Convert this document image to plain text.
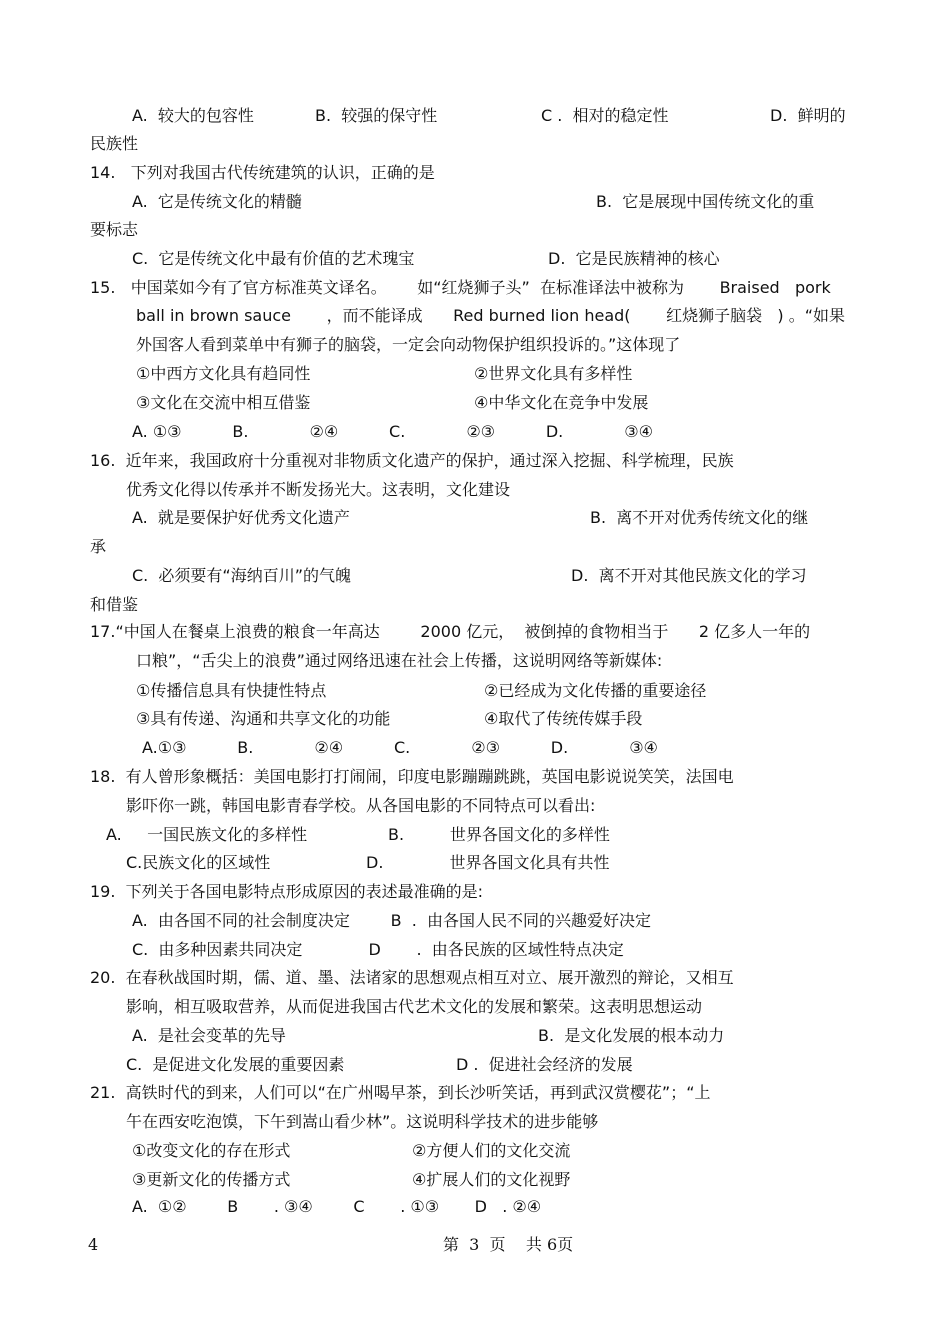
A.  较大的包容性	B.  较强的保守性	C .  相对的稳定性	D.  鲜明的
民族性
14.   下列对我国古代传统建筑的认识，正确的是
A.  它是传统文化的精髓	B.  它是展现中国传统文化的重
要标志
C.  它是传统文化中最有价值的艺术瑰宝	D.  它是民族精神的核心
15.   中国菜如今有了官方标准英文译名。      如“红烧狮子头”  在标准译法中被称为       Braised   pork
ball in brown sauce       ，而不能译成      Red burned lion head(       红烧狮子脑袋   ) 。“如果
外国客人看到菜单中有狮子的脑袋，一定会向动物保护组织投诉的。”这体现了
①中西方文化具有趋同性	②世界文化具有多样性
③文化在交流中相互借鉴	④中华文化在竞争中发展
A. ①③          B.            ②④          C.            ②③          D.            ③④
16.  近年来，我国政府十分重视对非物质文化遗产的保护，通过深入挖掘、科学梳理，民族
优秀文化得以传承并不断发扬光大。这表明，文化建设
A.  就是要保护好优秀文化遗产	B.  离不开对优秀传统文化的继
承
C.  必须要有“海纳百川”的气魄	D.  离不开对其他民族文化的学习
和借鉴
17.“中国人在餐桌上浪费的粮食一年高达        2000 亿元，  被倒掉的食物相当于      2 亿多人一年的
口粮”，“舌尖上的浪费”通过网络迅速在社会上传播，这说明网络等新媒体:
①传播信息具有快捷性特点	②已经成为文化传播的重要途径
③具有传递、沟通和共享文化的功能	④取代了传统传媒手段
A.①③          B.            ②④          C.            ②③          D.            ③④
18.  有人曾形象概括：美国电影打打闹闹，印度电影蹦蹦跳跳，英国电影说说笑笑，法国电
影吓你一跳，韩国电影青春学校。从各国电影的不同特点可以看出:
A.     一国民族文化的多样性	B.         世界各国文化的多样性
C.民族文化的区域性	D.             世界各国文化具有共性
19.  下列关于各国电影特点形成原因的表述最准确的是:
A.  由各国不同的社会制度决定        B  .  由各国人民不同的兴趣爱好决定
C.  由多种因素共同决定             D       .  由各民族的区域性特点决定
20.  在春秋战国时期，儒、道、墨、法诸家的思想观点相互对立、展开激烈的辩论，又相互
影响，相互吸取营养，从而促进我国古代艺术文化的发展和繁荣。这表明思想运动
A.  是社会变革的先导	B.  是文化发展的根本动力
C.  是促进文化发展的重要因素	D .  促进社会经济的发展
21.  高铁时代的到来，人们可以“在广州喝早茶，到长沙听笑话，再到武汉赏樱花”；“上
午在西安吃泡馍，下午到嵩山看少林”。这说明科学技术的进步能够
①改变文化的存在形式	②方便人们的文化交流
③更新文化的传播方式	④扩展人们的文化视野
A.  ①②        B       . ③④        C       . ①③       D   . ②④
4	第  3  页    共 6页
